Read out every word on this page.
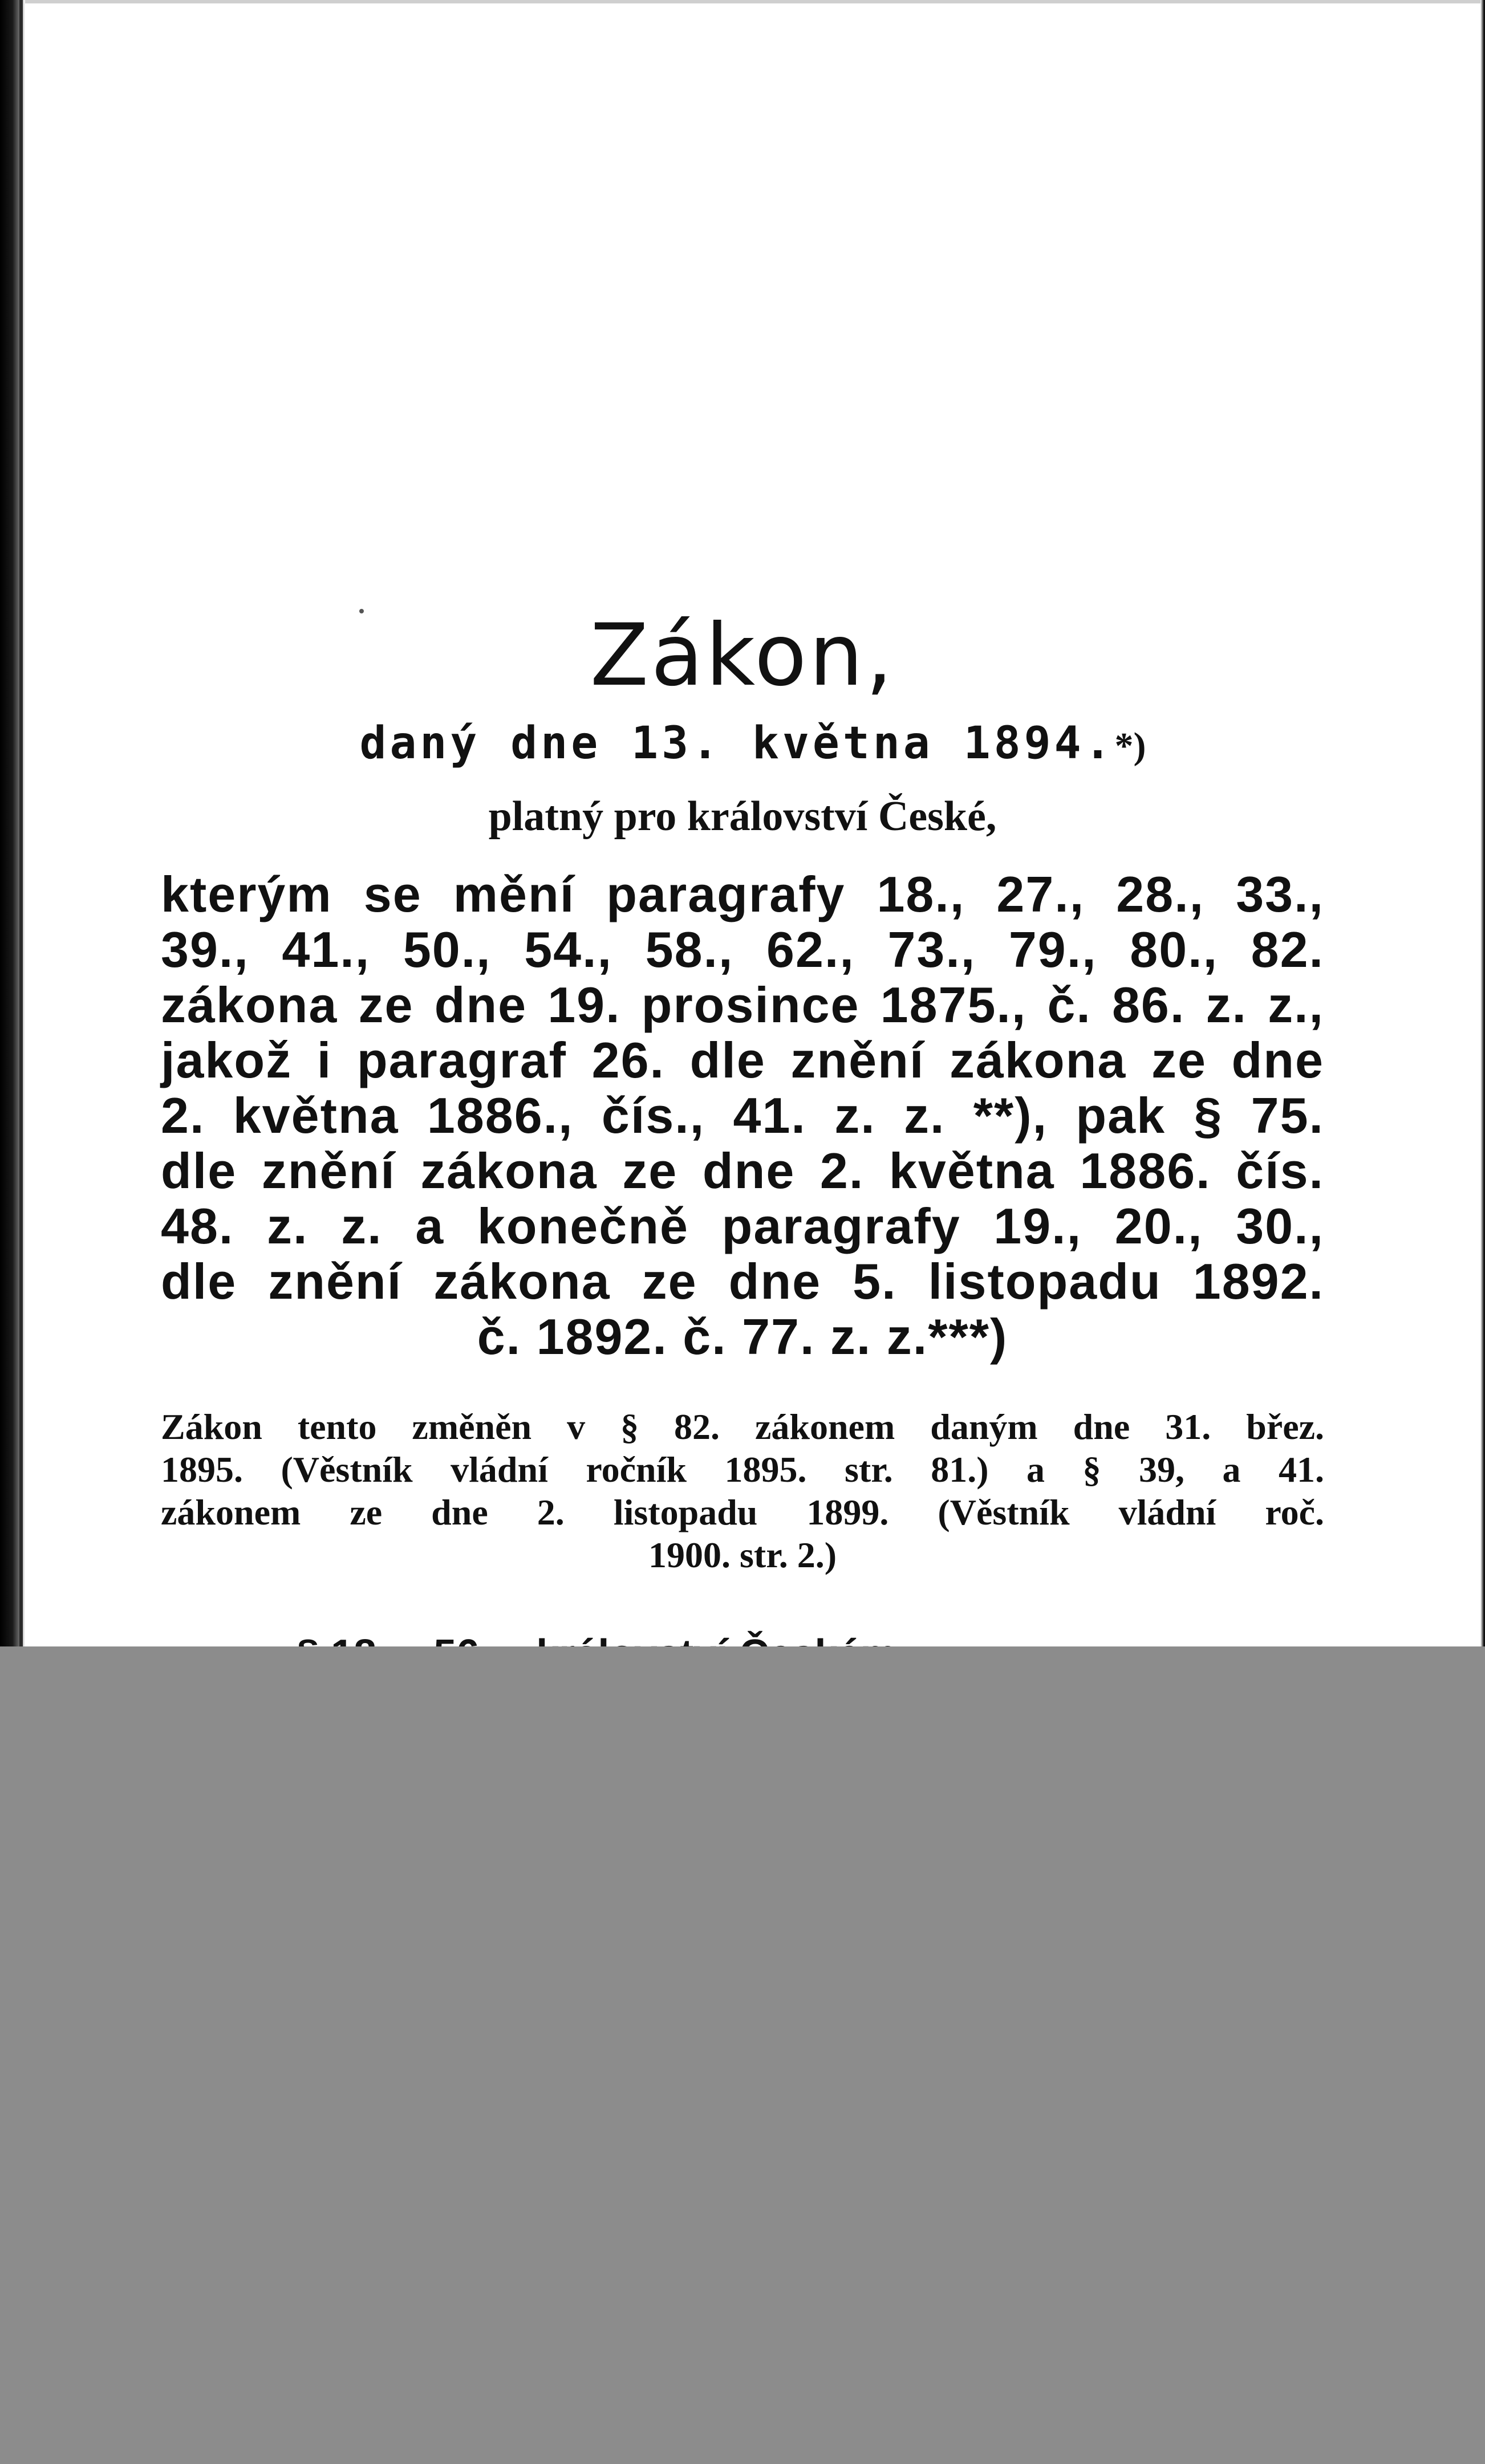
Zákon,
daný dne 13. května 1894.*)
platný pro království České,
kterým se mění paragrafy 18., 27., 28., 33.,
39., 41., 50., 54., 58., 62., 73., 79., 80., 82.
zákona ze dne 19. prosince 1875., č. 86. z. z.,
jakož i paragraf 26. dle znění zákona ze dne
2. května 1886., čís., 41. z. z. **), pak § 75.
dle znění zákona ze dne 2. května 1886. čís.
48. z. z. a konečně paragrafy 19., 20., 30.,
dle znění zákona ze dne 5. listopadu 1892.
č. 1892. č. 77. z. z.***)
Zákon tento změněn v § 82. zákonem daným dne 31. břez.
1895. (Věstník vládní ročník 1895. str. 81.) a § 39, a 41.
zákonem ze dne 2. listopadu 1899. (Věstník vládní roč.
1900. str. 2.)
